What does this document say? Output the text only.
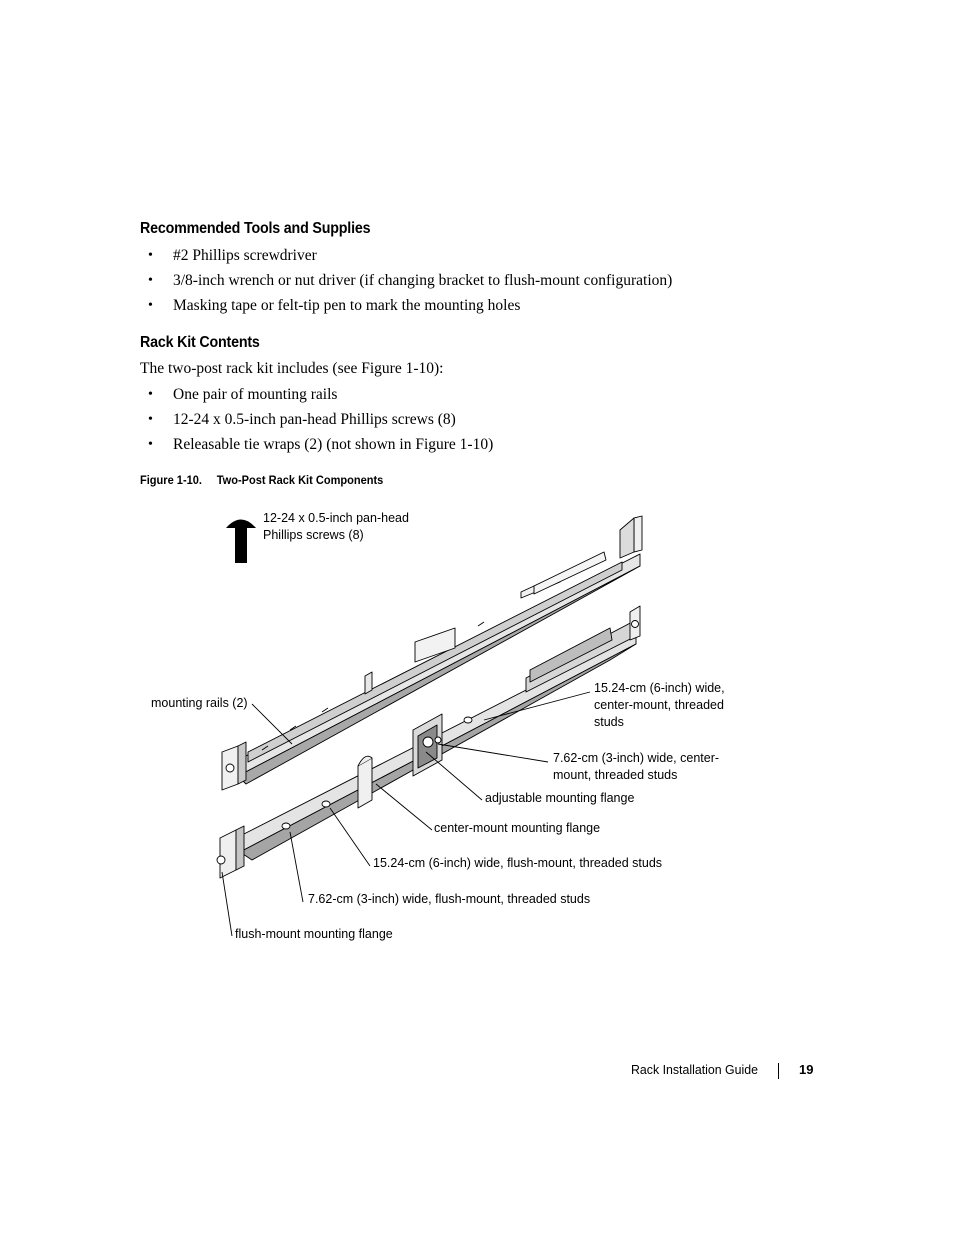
Recommended Tools and Supplies
• #2 Phillips screwdriver
• 3/8-inch wrench or nut driver (if changing bracket to flush-mount configuration)
• Masking tape or felt-tip pen to mark the mounting holes
Rack Kit Contents

The two-post rack kit includes (see Figure 1-10):

• One pair of mounting rails
• 12-24 x 0.5-inch pan-head Phillips screws (8)
• Releasable tie wraps (2) (not shown in Figure 1-10)
Figure 1-10. Two-Post Rack Kit Components
12-24 x 0.5-inch pan-head
Phillips screws (8)
mounting rails (2)
15.24-cm (6-inch) wide,
center-mount, threaded
studs
7.62-cm (3-inch) wide, center-
mount, threaded studs
adjustable mounting flange
center-mount mounting flange
15.24-cm (6-inch) wide, flush-mount, threaded studs
7.62-cm (3-inch) wide, flush-mount, threaded studs
flush-mount mounting flange
Rack Installation Guide	19
